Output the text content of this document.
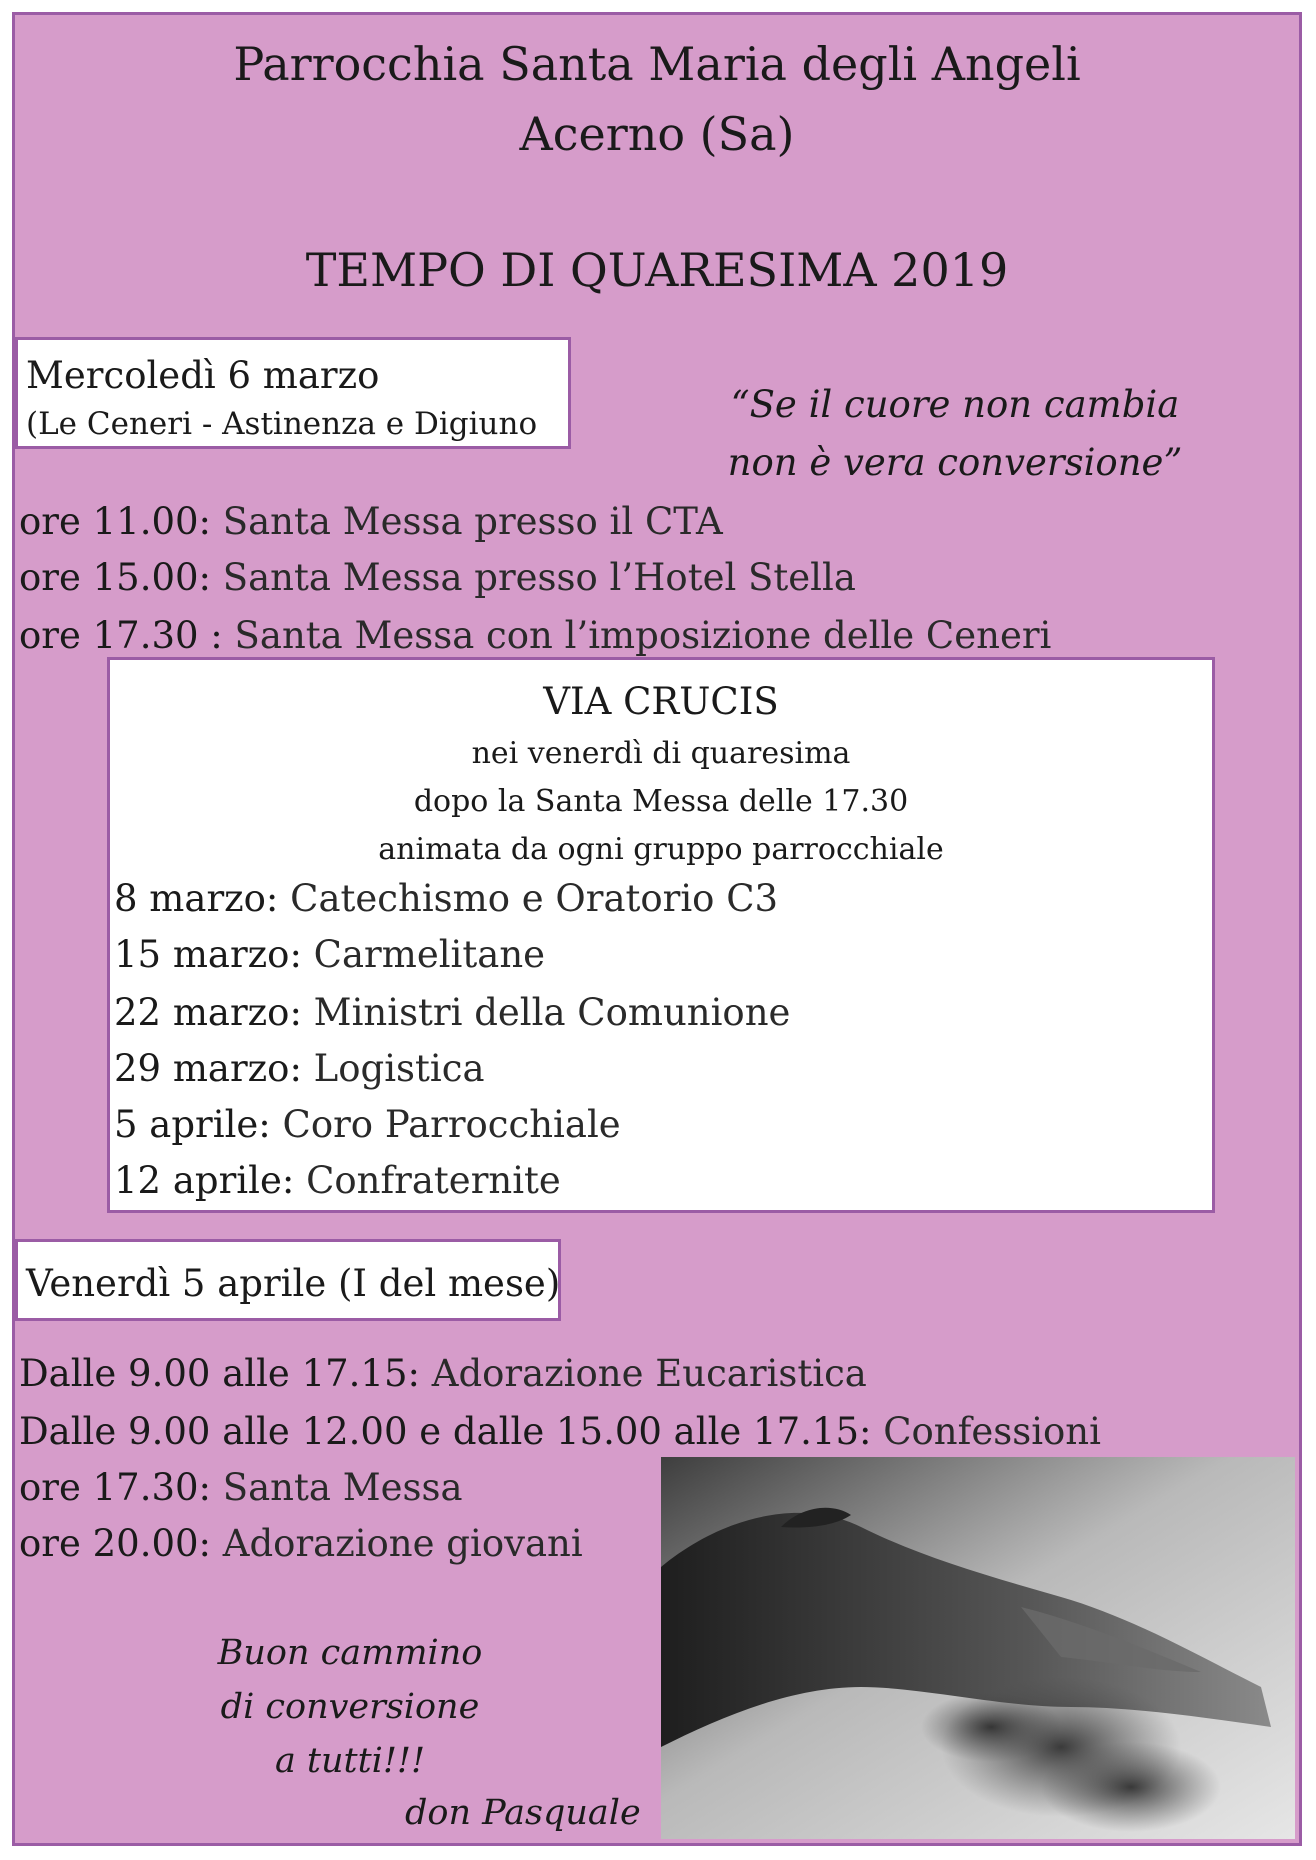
Parrocchia Santa Maria degli Angeli
Acerno (Sa)
TEMPO DI QUARESIMA 2019
Mercoledì 6 marzo
(Le Ceneri - Astinenza e Digiuno	“Se il cuore non cambia
non è vera conversione”
ore 11.00: Santa Messa presso il CTA
ore 15.00: Santa Messa presso l’Hotel Stella
ore 17.30 : Santa Messa con l’imposizione delle Ceneri
VIA CRUCIS
nei venerdì di quaresima
dopo la Santa Messa delle 17.30
animata da ogni gruppo parrocchiale
8 marzo: Catechismo e Oratorio C3
15 marzo: Carmelitane
22 marzo: Ministri della Comunione
29 marzo: Logistica
5 aprile: Coro Parrocchiale
12 aprile: Confraternite
Venerdì 5 aprile (I del mese)
Dalle 9.00 alle 17.15: Adorazione Eucaristica
Dalle 9.00 alle 12.00 e dalle 15.00 alle 17.15: Confessioni
ore 17.30: Santa Messa
ore 20.00: Adorazione giovani
Buon cammino
di conversione
a tutti!!!
don Pasquale
